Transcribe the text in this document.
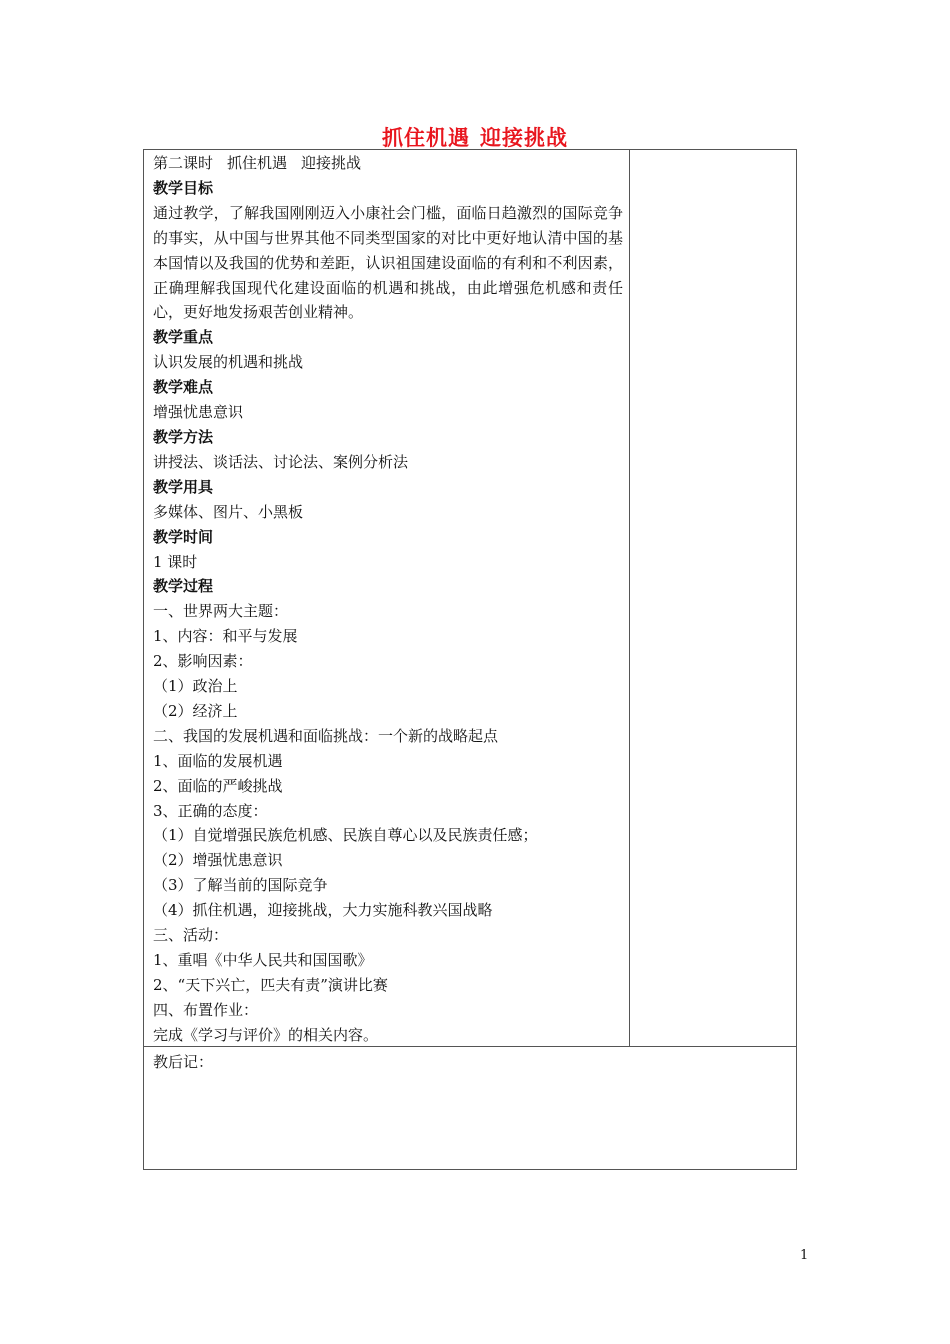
抓住机遇 迎接挑战
第二课时 抓住机遇 迎接挑战
教学目标
通过教学，了解我国刚刚迈入小康社会门槛，面临日趋激烈的国际竞争的事实，从中国与世界其他不同类型国家的对比中更好地认清中国的基本国情以及我国的优势和差距，认识祖国建设面临的有利和不利因素，正确理解我国现代化建设面临的机遇和挑战，由此增强危机感和责任心，更好地发扬艰苦创业精神。
教学重点
认识发展的机遇和挑战
教学难点
增强忧患意识
教学方法
讲授法、谈话法、讨论法、案例分析法
教学用具
多媒体、图片、小黑板
教学时间
1 课时
教学过程
一、世界两大主题：
1、内容：和平与发展
2、影响因素：
（1）政治上
（2）经济上
二、我国的发展机遇和面临挑战：一个新的战略起点
1、面临的发展机遇
2、面临的严峻挑战
3、正确的态度：
（1）自觉增强民族危机感、民族自尊心以及民族责任感；
（2）增强忧患意识
（3）了解当前的国际竞争
（4）抓住机遇，迎接挑战，大力实施科教兴国战略
三、活动：
1、重唱《中华人民共和国国歌》
2、“天下兴亡，匹夫有责”演讲比赛
四、布置作业：
完成《学习与评价》的相关内容。
教后记：
1
